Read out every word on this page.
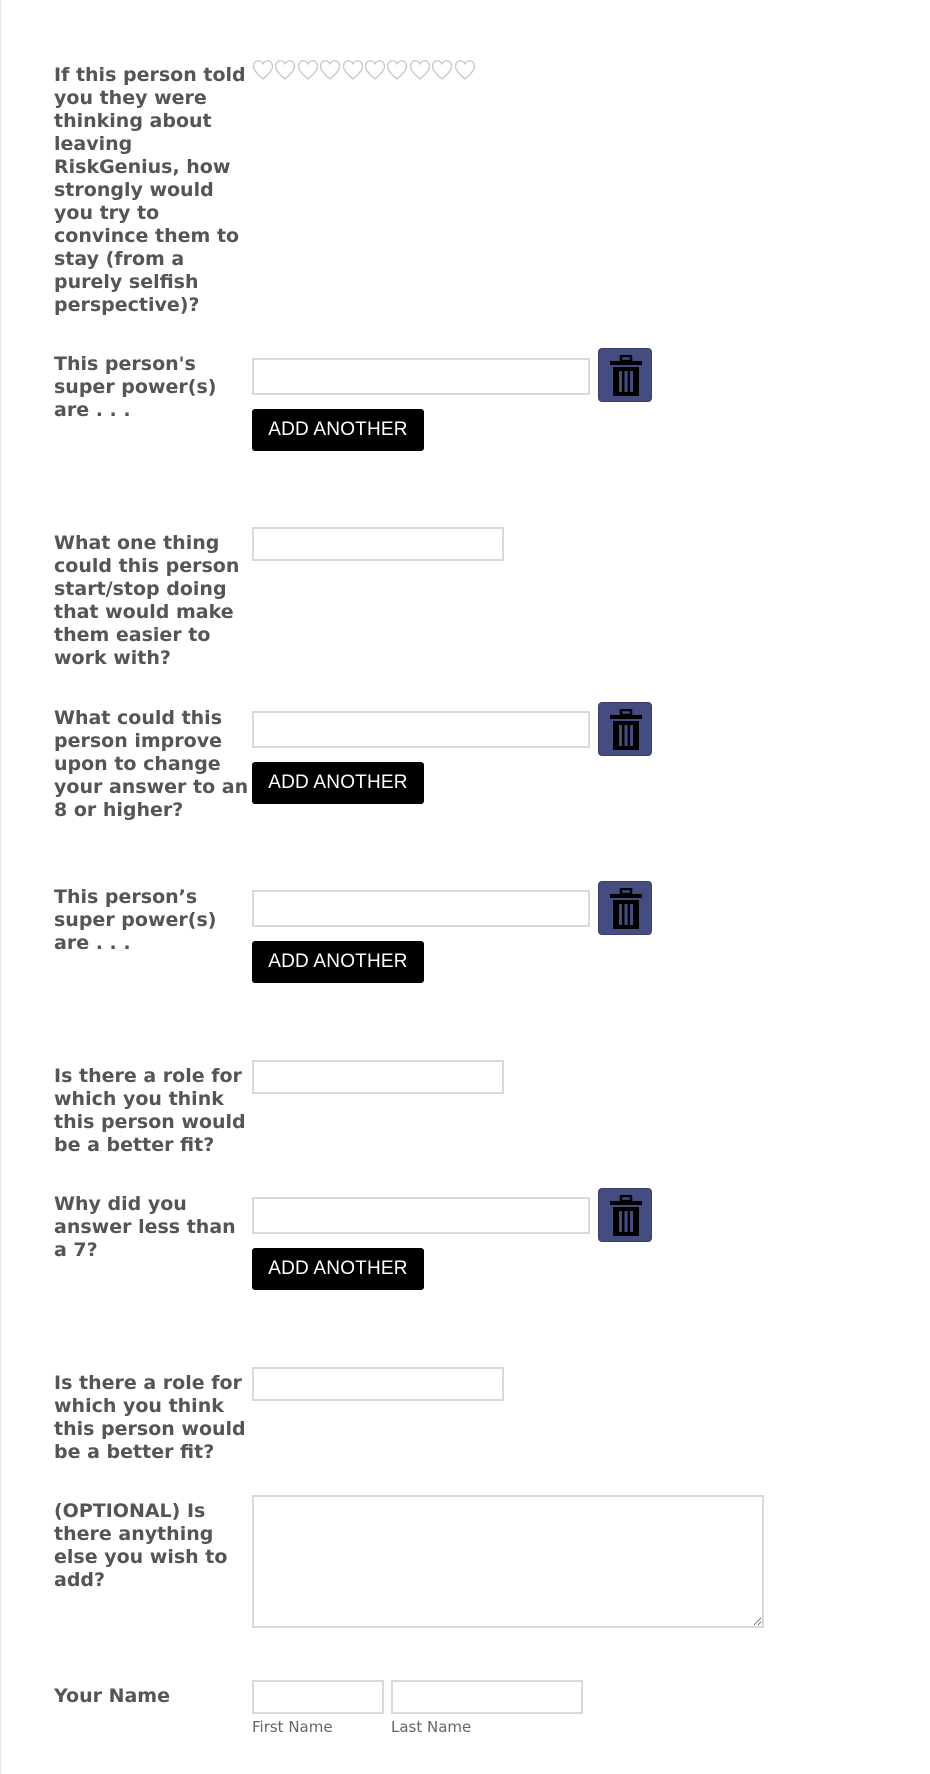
If this person told you they were thinking about leaving RiskGenius, how strongly would you try to convince them to stay (from a purely selfish perspective)?
This person's super power(s) are . . .
ADD ANOTHER
What one thing could this person start/stop doing that would make them easier to work with?
What could this person improve upon to change your answer to an 8 or higher?
ADD ANOTHER
This person’s super power(s) are . . .
ADD ANOTHER
Is there a role for which you think this person would be a better fit?
Why did you answer less than a 7?
ADD ANOTHER
Is there a role for which you think this person would be a better fit?
(OPTIONAL) Is there anything else you wish to add?
Your Name
First Name	Last Name
